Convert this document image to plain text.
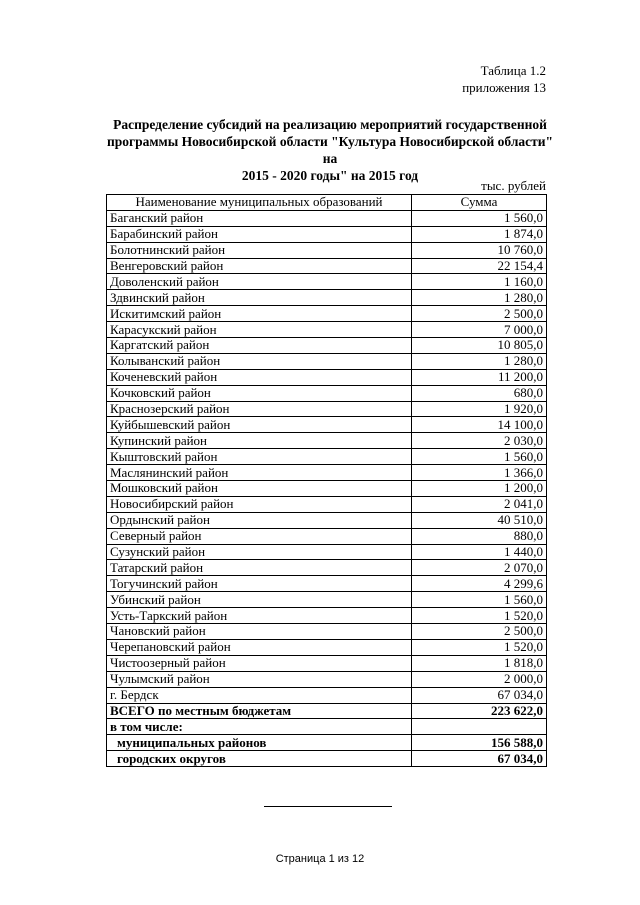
Таблица 1.2
приложения 13
Распределение субсидий на реализацию мероприятий государственной
программы Новосибирской области "Культура Новосибирской области" на
2015 - 2020 годы" на 2015 год
тыс. рублей
Наименование муниципальных образований	Сумма
Баганский район	1 560,0
Барабинский район	1 874,0
Болотнинский район	10 760,0
Венгеровский район	22 154,4
Доволенский район	1 160,0
Здвинский район	1 280,0
Искитимский район	2 500,0
Карасукский район	7 000,0
Каргатский район	10 805,0
Колыванский район	1 280,0
Коченевский район	11 200,0
Кочковский район	680,0
Краснозерский район	1 920,0
Куйбышевский район	14 100,0
Купинский район	2 030,0
Кыштовский район	1 560,0
Маслянинский район	1 366,0
Мошковский район	1 200,0
Новосибирский район	2 041,0
Ордынский район	40 510,0
Северный район	880,0
Сузунский район	1 440,0
Татарский район	2 070,0
Тогучинский район	4 299,6
Убинский район	1 560,0
Усть-Таркский район	1 520,0
Чановский район	2 500,0
Черепановский район	1 520,0
Чистоозерный район	1 818,0
Чулымский район	2 000,0
г. Бердск	67 034,0
ВСЕГО по местным бюджетам	223 622,0
в том числе:	
муниципальных районов	156 588,0
городских округов	67 034,0
Страница 1 из 12
